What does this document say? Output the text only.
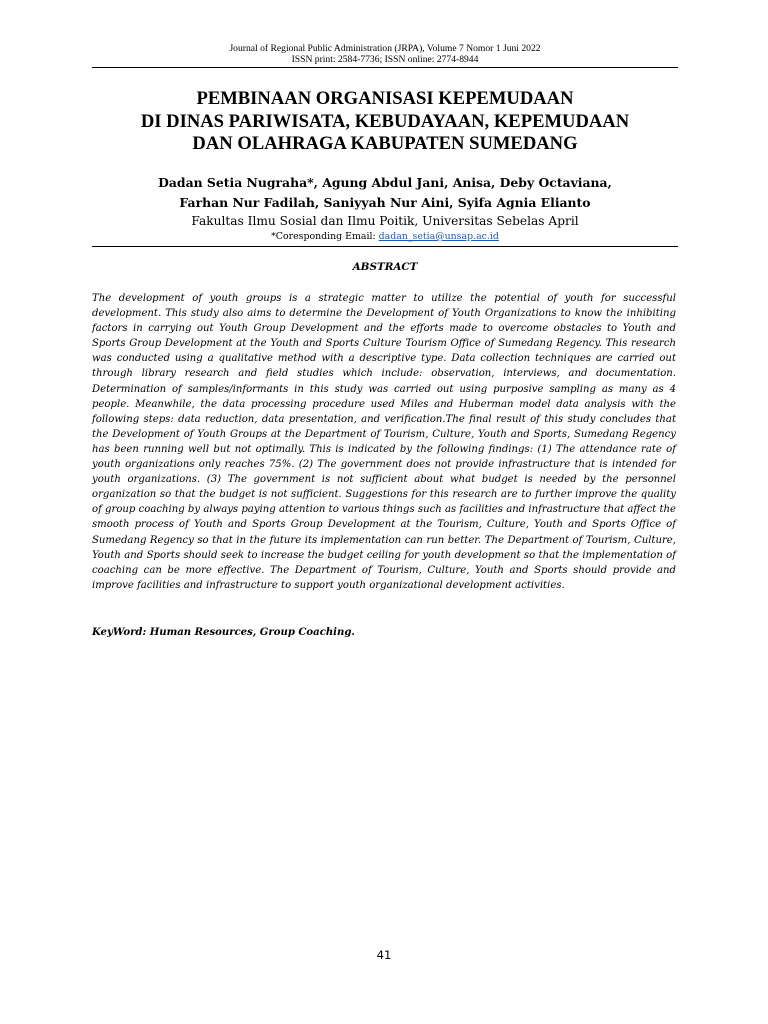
Journal of Regional Public Administration (JRPA), Volume 7 Nomor 1 Juni 2022
ISSN print: 2584-7736; ISSN online: 2774-8944
PEMBINAAN ORGANISASI KEPEMUDAAN
DI DINAS PARIWISATA, KEBUDAYAAN, KEPEMUDAAN
DAN OLAHRAGA KABUPATEN SUMEDANG
Dadan Setia Nugraha*, Agung Abdul Jani, Anisa, Deby Octaviana,
Farhan Nur Fadilah, Saniyyah Nur Aini, Syifa Agnia Elianto
Fakultas Ilmu Sosial dan Ilmu Poitik, Universitas Sebelas April
*Coresponding Email: dadan_setia@unsap.ac.id
ABSTRACT

The development of youth groups is a strategic matter to utilize the potential of youth for successful development. This study also aims to determine the Development of Youth Organizations to know the inhibiting factors in carrying out Youth Group Development and the efforts made to overcome obstacles to Youth and Sports Group Development at the Youth and Sports Culture Tourism Office of Sumedang Regency. This research was conducted using a qualitative method with a descriptive type. Data collection techniques are carried out through library research and field studies which include: observation, interviews, and documentation. Determination of samples/informants in this study was carried out using purposive sampling as many as 4 people. Meanwhile, the data processing procedure used Miles and Huberman model data analysis with the following steps: data reduction, data presentation, and verification.The final result of this study concludes that the Development of Youth Groups at the Department of Tourism, Culture, Youth and Sports, Sumedang Regency has been running well but not optimally. This is indicated by the following findings: (1) The attendance rate of youth organizations only reaches 75%. (2) The government does not provide infrastructure that is intended for youth organizations. (3) The government is not sufficient about what budget is needed by the personnel organization so that the budget is not sufficient. Suggestions for this research are to further improve the quality of group coaching by always paying attention to various things such as facilities and infrastructure that affect the smooth process of Youth and Sports Group Development at the Tourism, Culture, Youth and Sports Office of Sumedang Regency so that in the future its implementation can run better. The Department of Tourism, Culture, Youth and Sports should seek to increase the budget ceiling for youth development so that the implementation of coaching can be more effective. The Department of Tourism, Culture, Youth and Sports should provide and improve facilities and infrastructure to support youth organizational development activities.

KeyWord: Human Resources, Group Coaching.
41
